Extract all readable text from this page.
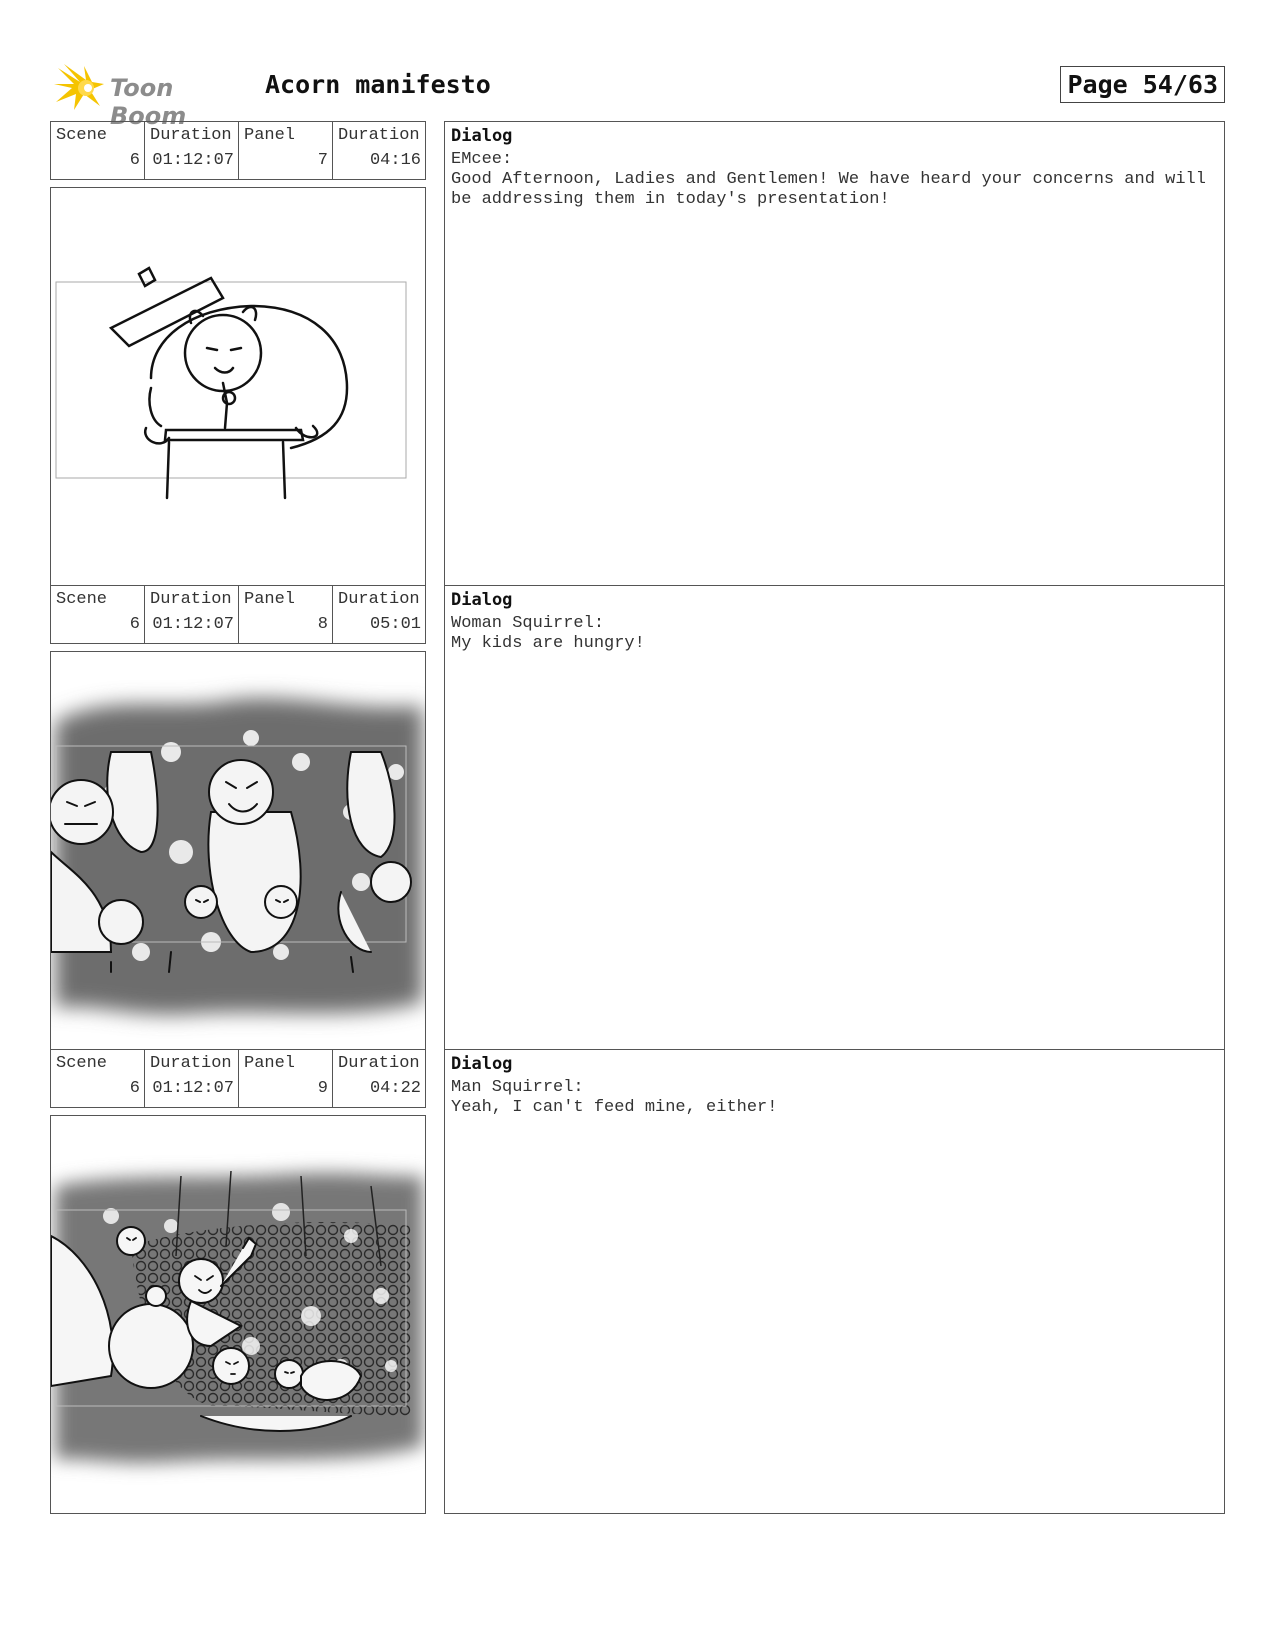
Toon Boom
Acorn manifesto	Page 54/63
Scene
6
Duration
01:12:07
Panel
7
Duration
04:16
Dialog
EMcee:
Good Afternoon, Ladies and Gentlemen! We have heard your concerns and will be addressing them in today's presentation!
Scene
6
Duration
01:12:07
Panel
8
Duration
05:01
Dialog
Woman Squirrel:
My kids are hungry!
Scene
6
Duration
01:12:07
Panel
9
Duration
04:22
Dialog
Man Squirrel:
Yeah, I can't feed mine, either!
